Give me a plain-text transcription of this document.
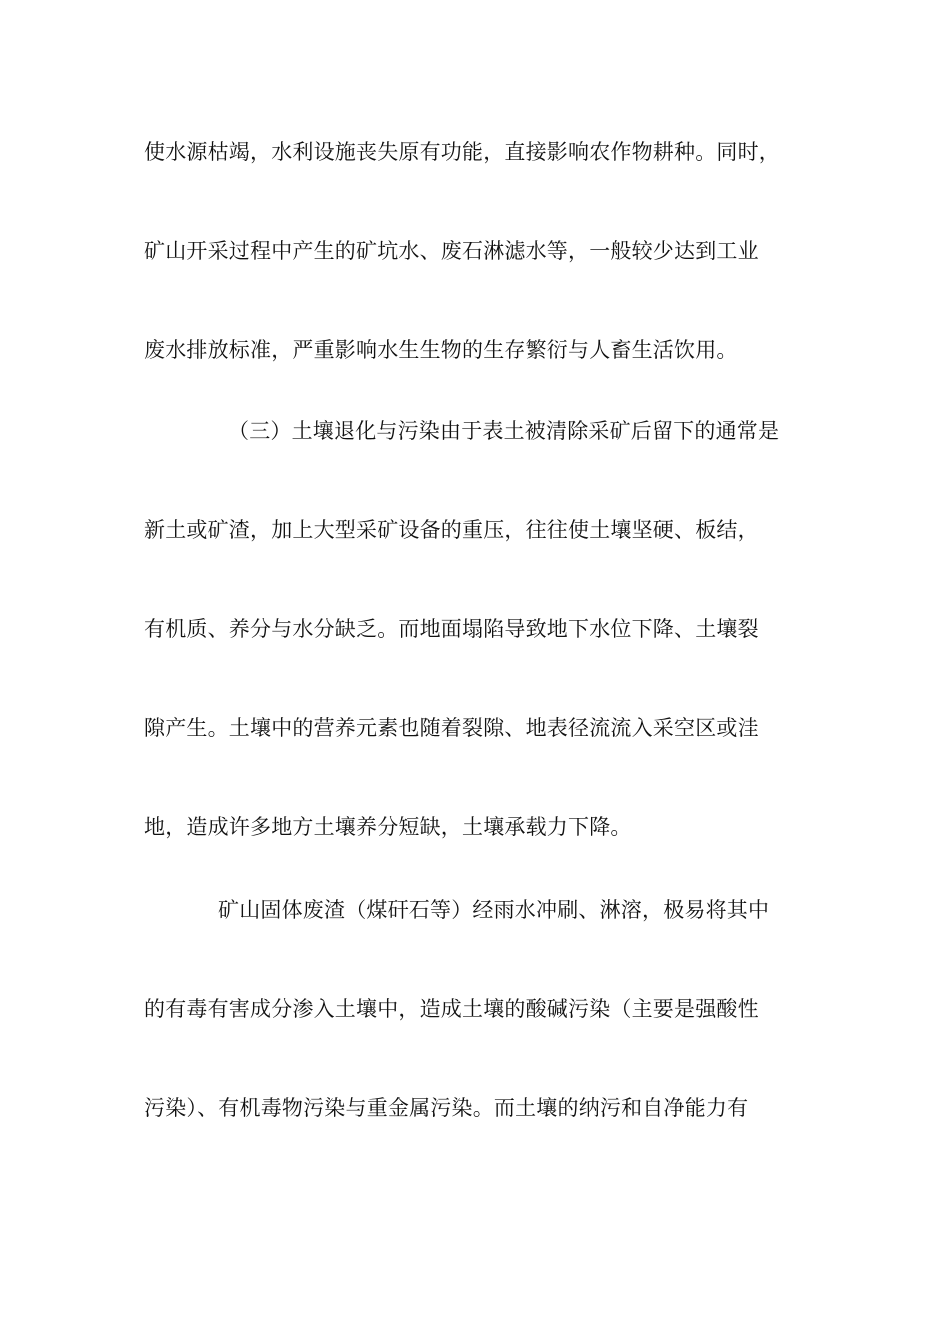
使水源枯竭，水利设施丧失原有功能，直接影响农作物耕种。同时，
矿山开采过程中产生的矿坑水、废石淋滤水等，一般较少达到工业
废水排放标准，严重影响水生生物的生存繁衍与人畜生活饮用。
（三）土壤退化与污染由于表土被清除采矿后留下的通常是
新土或矿渣，加上大型采矿设备的重压，往往使土壤坚硬、板结，
有机质、养分与水分缺乏。而地面塌陷导致地下水位下降、土壤裂
隙产生。土壤中的营养元素也随着裂隙、地表径流流入采空区或洼
地，造成许多地方土壤养分短缺，土壤承载力下降。
矿山固体废渣（煤矸石等）经雨水冲刷、淋溶，极易将其中
的有毒有害成分渗入土壤中，造成土壤的酸碱污染（主要是强酸性
污染）、有机毒物污染与重金属污染。而土壤的纳污和自净能力有
